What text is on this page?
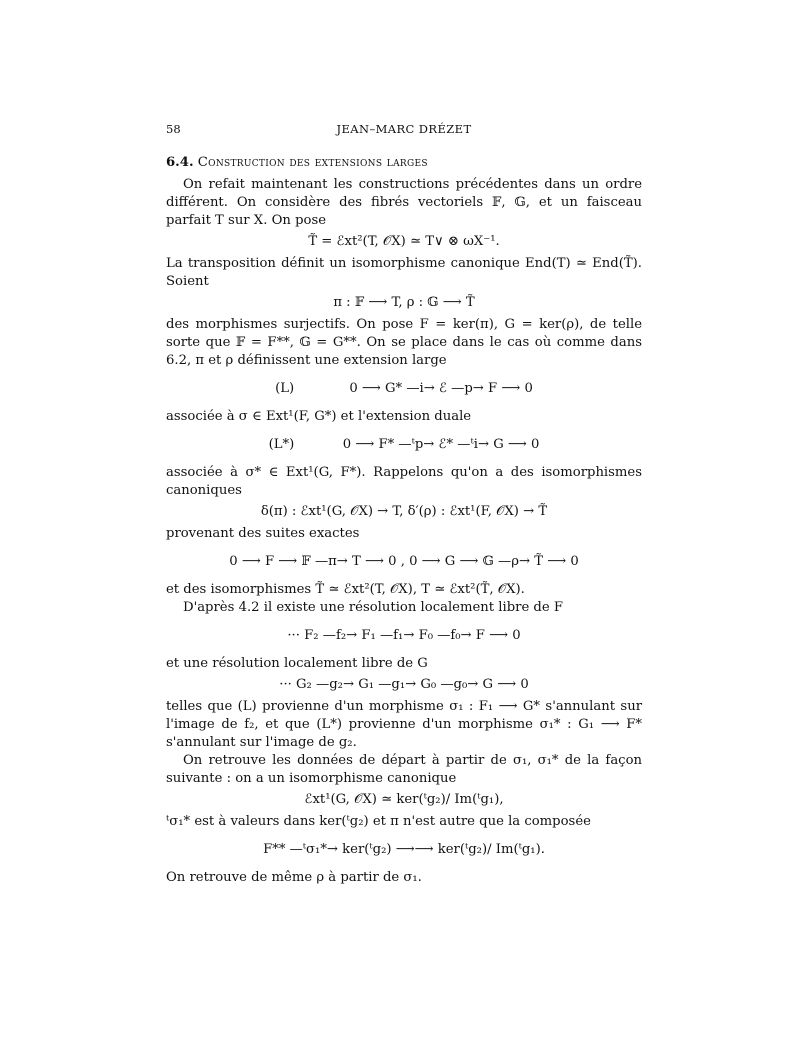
58	JEAN–MARC DRÉZET
6.4. Construction des extensions larges

On refait maintenant les constructions précédentes dans un ordre différent. On considère des fibrés vectoriels 𝔽, 𝔾, et un faisceau parfait T sur X. On pose

T̃ = ℰxt²(T, 𝒪X) ≃ T∨ ⊗ ωX⁻¹.

La transposition définit un isomorphisme canonique End(T) ≃ End(T̃). Soient

π : 𝔽 ⟶ T, ρ : 𝔾 ⟶ T̃

des morphismes surjectifs. On pose F = ker(π), G = ker(ρ), de telle sorte que 𝔽 = F**, 𝔾 = G**. On se place dans le cas où comme dans 6.2, π et ρ définissent une extension large

(L)	0 ⟶ G* —i→ ℰ —p→ F ⟶ 0

associée à σ ∈ Ext¹(F, G*) et l'extension duale

(L*)	0 ⟶ F* —ᵗp→ ℰ* —ᵗi→ G ⟶ 0

associée à σ* ∈ Ext¹(G, F*). Rappelons qu'on a des isomorphismes canoniques

δ(π) : ℰxt¹(G, 𝒪X) → T, δ′(ρ) : ℰxt¹(F, 𝒪X) → T̃

provenant des suites exactes

0 ⟶ F ⟶ 𝔽 —π→ T ⟶ 0 , 0 ⟶ G ⟶ 𝔾 —ρ→ T̃ ⟶ 0

et des isomorphismes T̃ ≃ ℰxt²(T, 𝒪X), T ≃ ℰxt²(T̃, 𝒪X).

D'après 4.2 il existe une résolution localement libre de F

··· F₂ —f₂→ F₁ —f₁→ F₀ —f₀→ F ⟶ 0

et une résolution localement libre de G

··· G₂ —g₂→ G₁ —g₁→ G₀ —g₀→ G ⟶ 0

telles que (L) provienne d'un morphisme σ₁ : F₁ ⟶ G* s'annulant sur l'image de f₂, et que (L*) provienne d'un morphisme σ₁* : G₁ ⟶ F* s'annulant sur l'image de g₂.

On retrouve les données de départ à partir de σ₁, σ₁* de la façon suivante : on a un isomorphisme canonique

ℰxt¹(G, 𝒪X) ≃ ker(ᵗg₂)/ Im(ᵗg₁),

ᵗσ₁* est à valeurs dans ker(ᵗg₂) et π n'est autre que la composée

F** —ᵗσ₁*→ ker(ᵗg₂) ⟶⟶ ker(ᵗg₂)/ Im(ᵗg₁).

On retrouve de même ρ à partir de σ₁.
